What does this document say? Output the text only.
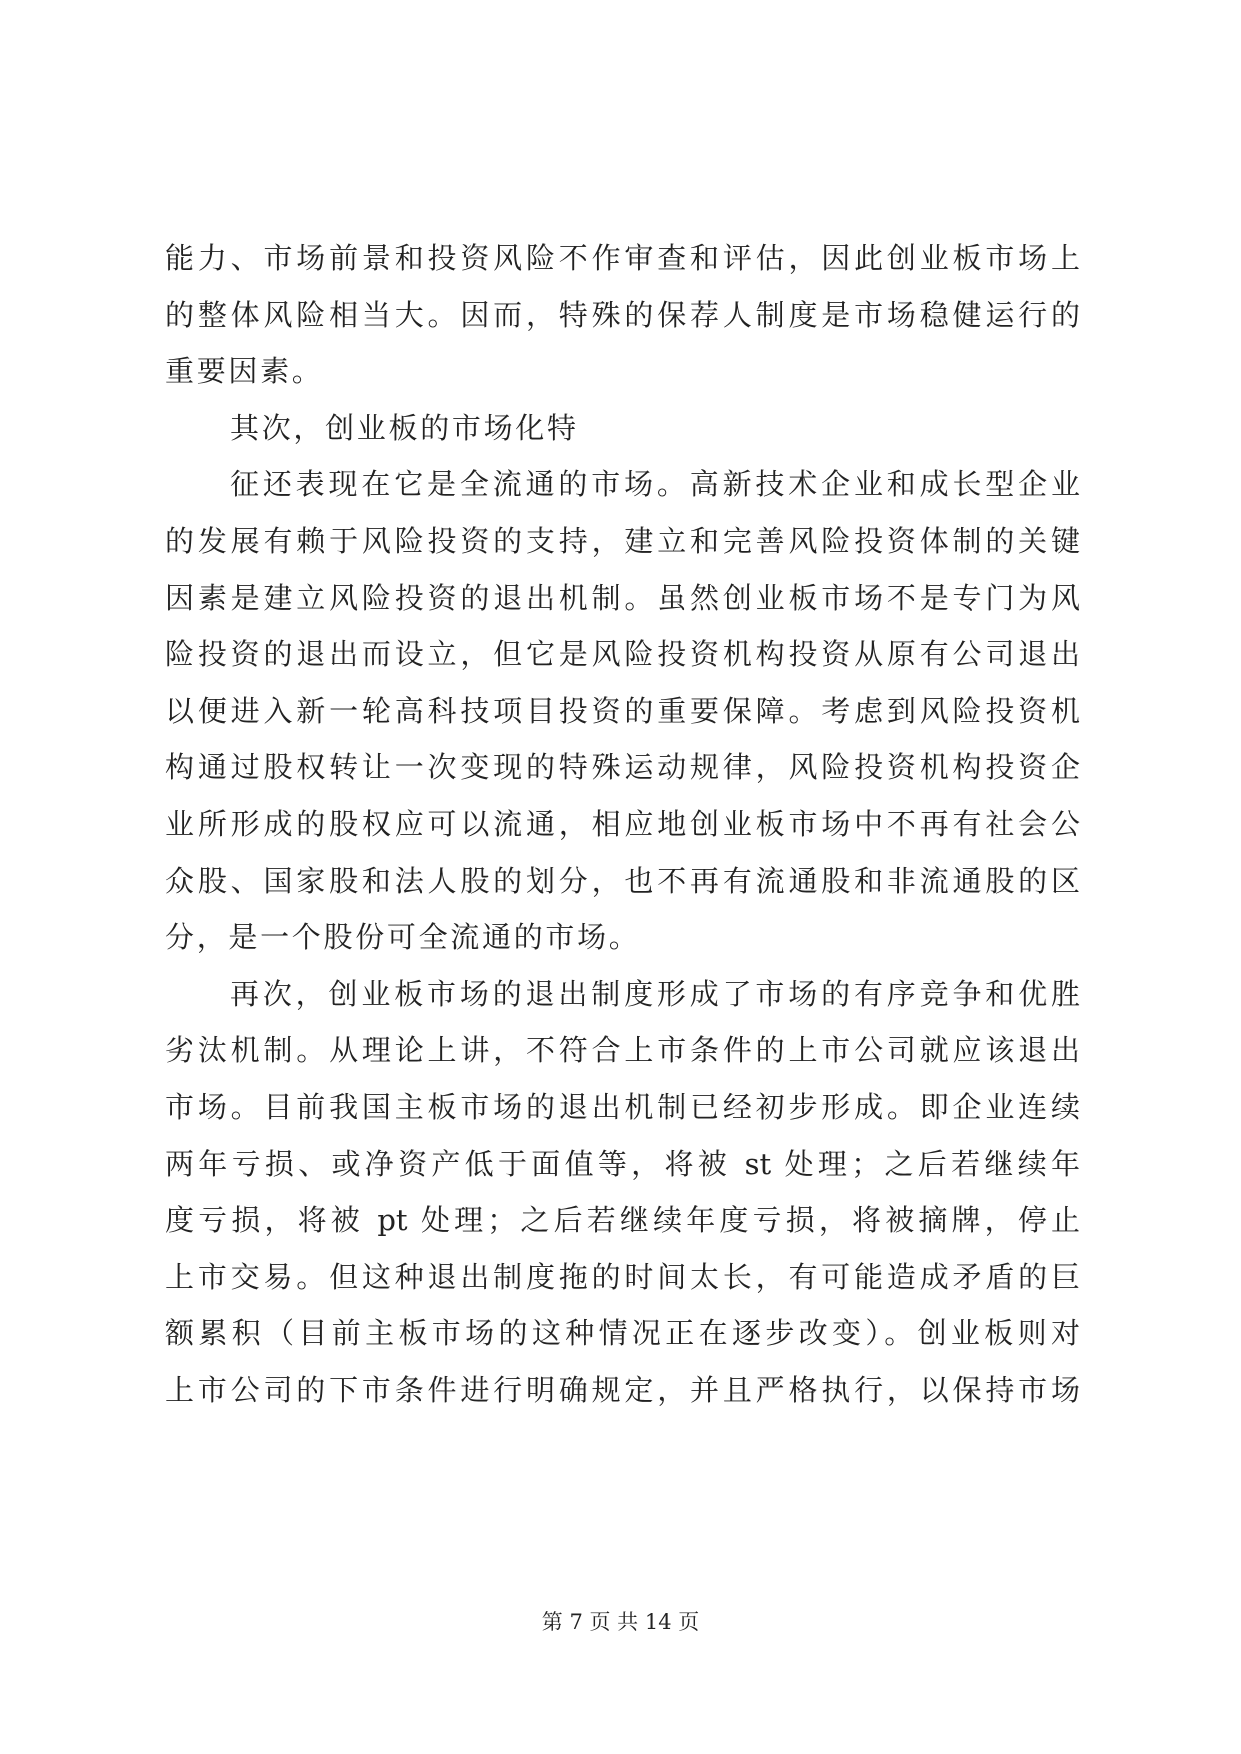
能力、市场前景和投资风险不作审查和评估，因此创业板市场上
的整体风险相当大。因而，特殊的保荐人制度是市场稳健运行的
重要因素。
其次，创业板的市场化特
征还表现在它是全流通的市场。高新技术企业和成长型企业
的发展有赖于风险投资的支持，建立和完善风险投资体制的关键
因素是建立风险投资的退出机制。虽然创业板市场不是专门为风
险投资的退出而设立，但它是风险投资机构投资从原有公司退出
以便进入新一轮高科技项目投资的重要保障。考虑到风险投资机
构通过股权转让一次变现的特殊运动规律，风险投资机构投资企
业所形成的股权应可以流通，相应地创业板市场中不再有社会公
众股、国家股和法人股的划分，也不再有流通股和非流通股的区
分，是一个股份可全流通的市场。
再次，创业板市场的退出制度形成了市场的有序竞争和优胜
劣汰机制。从理论上讲，不符合上市条件的上市公司就应该退出
市场。目前我国主板市场的退出机制已经初步形成。即企业连续
两年亏损、或净资产低于面值等，将被 st 处理；之后若继续年
度亏损，将被 pt 处理；之后若继续年度亏损，将被摘牌，停止
上市交易。但这种退出制度拖的时间太长，有可能造成矛盾的巨
额累积（目前主板市场的这种情况正在逐步改变）。创业板则对
上市公司的下市条件进行明确规定，并且严格执行，以保持市场
第 7 页 共 14 页
